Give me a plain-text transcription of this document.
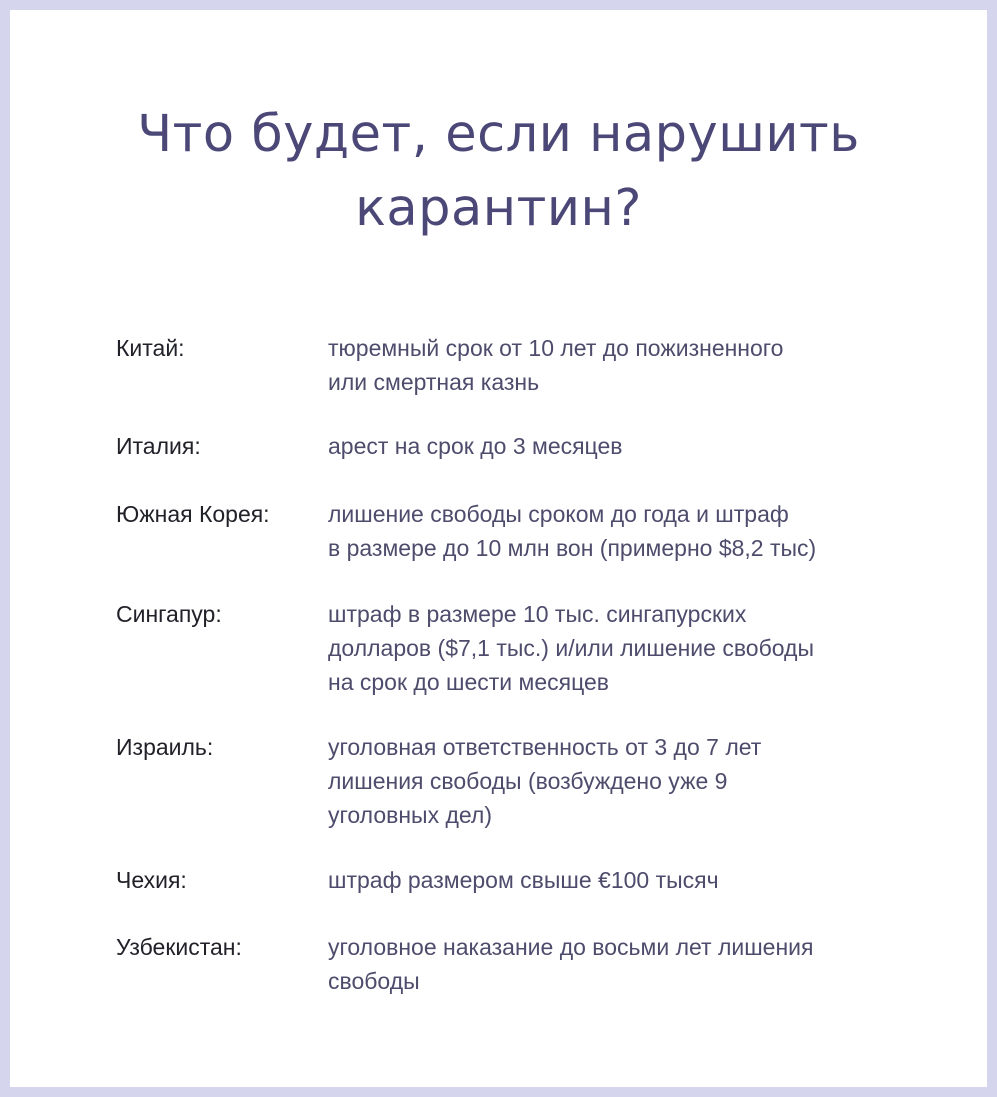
Что будет, если нарушить
карантин?
Китай:	тюремный срок от 10 лет до пожизненного
или смертная казнь
Италия:	арест на срок до 3 месяцев
Южная Корея:	лишение свободы сроком до года и штраф
в размере до 10 млн вон (примерно $8,2 тыс)
Сингапур:	штраф в размере 10 тыс. сингапурских
долларов ($7,1 тыс.) и/или лишение свободы
на срок до шести месяцев
Израиль:	уголовная ответственность от 3 до 7 лет
лишения свободы (возбуждено уже 9
уголовных дел)
Чехия:	штраф размером свыше €100 тысяч
Узбекистан:	уголовное наказание до восьми лет лишения
свободы
